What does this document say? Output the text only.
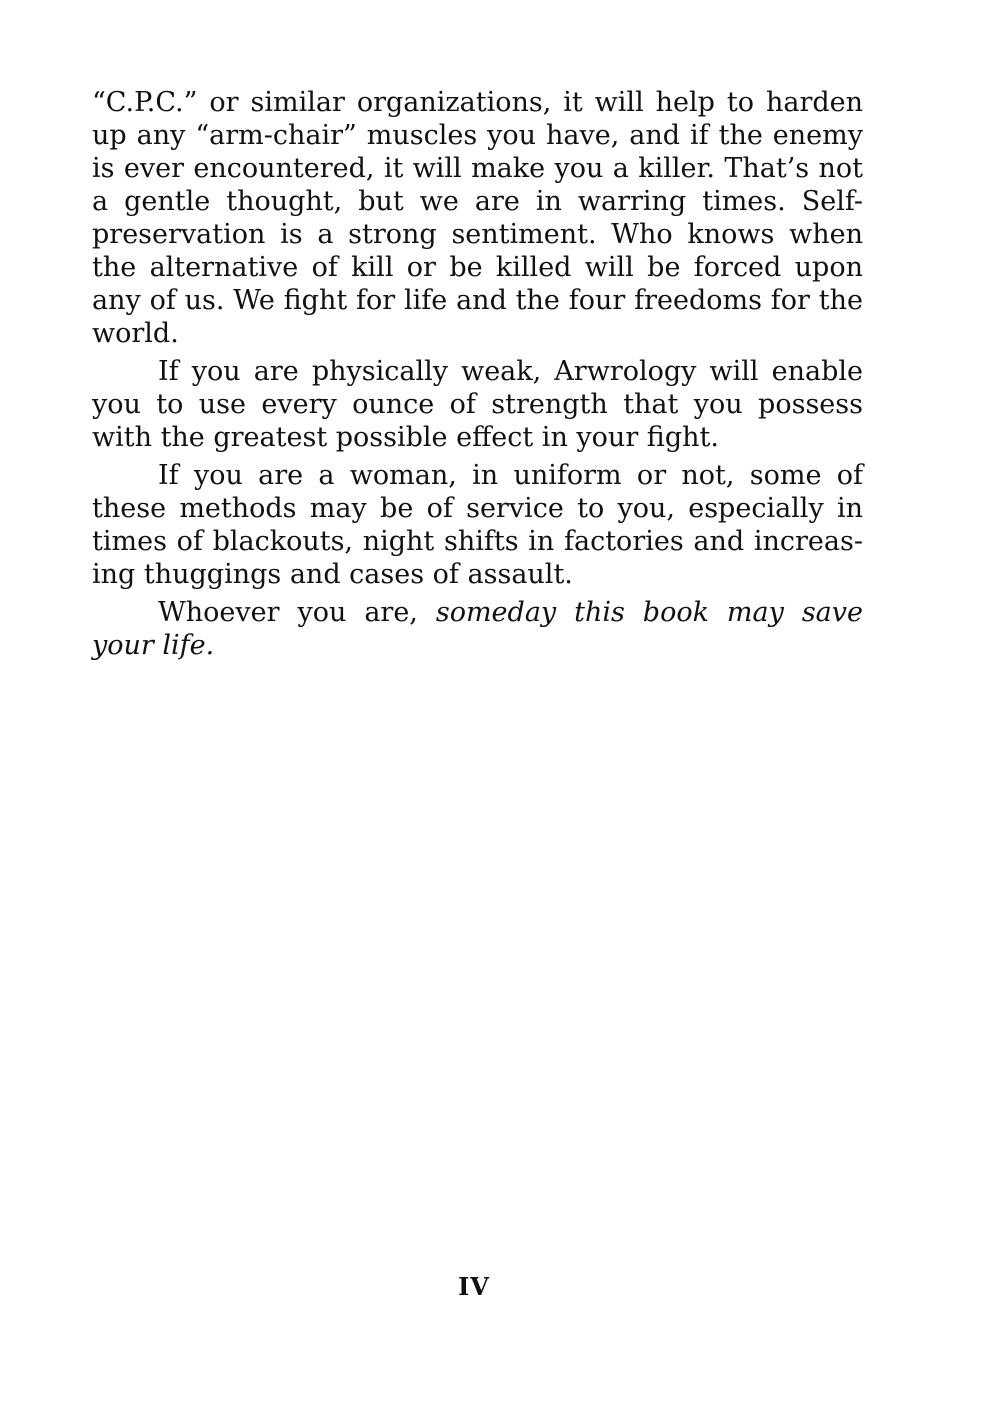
“C.P.C.” or similar organizations, it will help to harden up any “arm-chair” muscles you have, and if the enemy is ever encountered, it will make you a killer. That’s not a gentle thought, but we are in warring times. Self-preservation is a strong sentiment. Who knows when the alternative of kill or be killed will be forced upon any of us. We fight for life and the four freedoms for the world.

If you are physically weak, Arwrology will enable you to use every ounce of strength that you possess with the greatest possible effect in your fight.

If you are a woman, in uniform or not, some of these methods may be of service to you, especially in times of blackouts, night shifts in factories and increasing thuggings and cases of assault.

Whoever you are, someday this book may save your life.

IV
